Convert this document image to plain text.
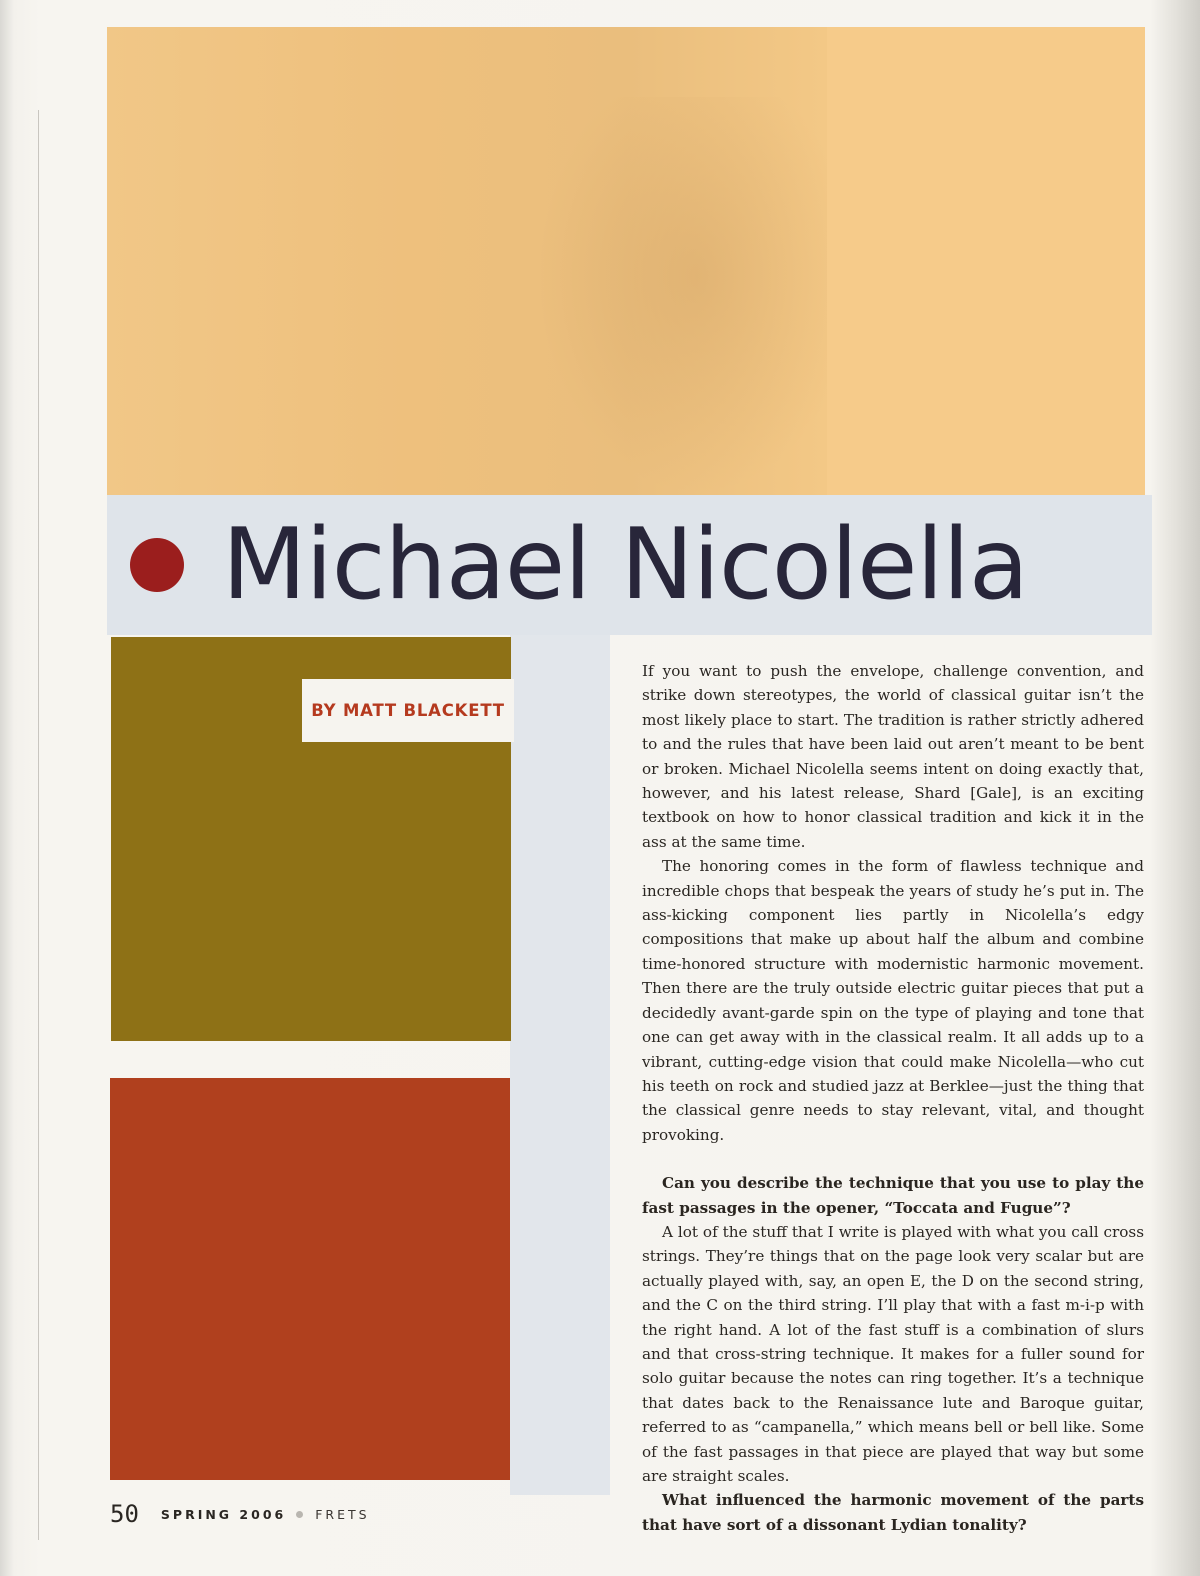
Michael Nicolella
BY MATT BLACKETT

If you want to push the envelope, challenge convention, and strike down stereotypes, the world of classical guitar isn’t the most likely place to start. The tradition is rather strictly adhered to and the rules that have been laid out aren’t meant to be bent or broken. Michael Nicolella seems intent on doing exactly that, however, and his latest release, Shard [Gale], is an exciting textbook on how to honor classical tradition and kick it in the ass at the same time.

The honoring comes in the form of flawless technique and incredible chops that bespeak the years of study he’s put in. The ass-kicking component lies partly in Nicolella’s edgy compositions that make up about half the album and combine time-honored structure with modernistic harmonic movement. Then there are the truly outside electric guitar pieces that put a decidedly avant-garde spin on the type of playing and tone that one can get away with in the classical realm. It all adds up to a vibrant, cutting-edge vision that could make Nicolella—who cut his teeth on rock and studied jazz at Berklee—just the thing that the classical genre needs to stay relevant, vital, and thought provoking.

Can you describe the technique that you use to play the fast passages in the opener, “Toccata and Fugue”?

A lot of the stuff that I write is played with what you call cross strings. They’re things that on the page look very scalar but are actually played with, say, an open E, the D on the second string, and the C on the third string. I’ll play that with a fast m-i-p with the right hand. A lot of the fast stuff is a combination of slurs and that cross-string technique. It makes for a fuller sound for solo guitar because the notes can ring together. It’s a technique that dates back to the Renaissance lute and Baroque guitar, referred to as “campanella,” which means bell or bell like. Some of the fast passages in that piece are played that way but some are straight scales.

What influenced the harmonic movement of the parts that have sort of a dissonant Lydian tonality?

50 SPRING 2006 FRETS
